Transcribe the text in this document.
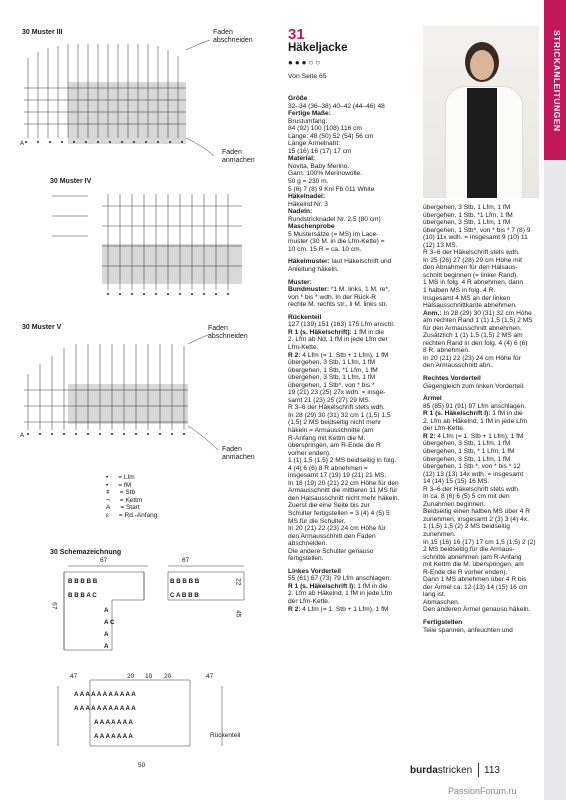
STRICKANLEITUNGEN
30 Muster III
30 Muster IV
30 Muster V
A
Faden
abschneiden
Faden
anmachen
A
Faden
abschneiden
Faden
anmachen
• = Lfm
• = fM
ǂ = Stb
¬ = Kettm
A = Start
ε = Rd.-Anfang
30 Schemazeichnung
B B B B B	B B B B B
B B B A C	C A B B B
A
A C
A
A
A A A A A A A A A A A
A A A A A A A A A A A
A A A A A A A
A A A A A A A
67	67
22
45
67
47	20 10 20	47
50
Rückenteil
31
Häkeljacke
●●●○○
Von Seite 65

Größe

32–34 (36–38) 40–42 (44–46) 48

Fertige Maße:

Brustumfang:

84 (92) 100 (108) 116 cm

Länge: 48 (50) 52 (54) 56 cm

Länge Ärmelnaht:

15 (16) 16 (17) 17 cm

Material:

Novita, Baby Merino.

Garn: 100% Merinowolle.

50 g = 230 m.

5 (6) 7 (8) 9 Knl Fb 011 White

Häkelnadel:

Häkelnd Nr. 3

Nadeln:

Rundstricknadel Nr. 2,5 (80 cm)

Maschenprobe

5 Mustersätze (= MS) im Lace-

muster (30 M. in die Lfm-Kette) =

10 cm. 15 R = ca. 10 cm.

Häkelmuster: laut Häkelschrift und

Anleitung häkeln.

Muster:

Bundmuster: *1 M. links, 1 M. re*,

von * bis * wdh. In der Rück-R

rechte M. rechts str., li M. links str.

Rückenteil

127 (139) 151 (163) 175 Lfm anschl.

R 1 (s. Häkelschrift): 1 fM in die

2. Lfm ab Nd, 1 fM in jede Lfm der

Lfm-Kette.

R 2: 4 Lfm (= 1. Stb + 1 Lfm), 1 fM

übergehen, 3 Stb, 1 Lfm, 1 fM

übergehen, 1 Stb, *1 Lfm, 1 fM

übergehen, 3 Stb, 1 Lfm, 1 fM

übergehen, 1 Stb*, von * bis *

19 (21) 23 (25) 27x wdh. = insge-

samt 21 (23) 25 (27) 29 MS.

R 3–6 der Häkelschrift stets wdh.

In 28 (29) 30 (31) 32 cm 1 (1,5) 1,5

(1,5) 2 MS beidseitig nicht mehr

häkeln = Armausschnitte (am

R-Anfang mit Kettm die M.

überspringen, am R-Ende die R

vorher enden).

1 (1) 1,5 (1,5) 2 MS beidseitig in folg.

4 (4) 6 (6) 8 R abnehmen =

insgesamt 17 (19) 19 (21) 21 MS.

In 18 (19) 20 (21) 22 cm Höhe für den

Armausschnitt die mittleren 11 MS für

den Halsausschnitt nicht mehr häkeln.

Zuerst die eine Seite bis zur

Schulter fertigstellen = 3 (4) 4 (5) 5

MS für die Schulter.

In 20 (21) 22 (23) 24 cm Höhe für

den Armausschnitt den Faden

abschneiden.

Die andere Schulter genauso

fertigstellen.

Linkes Vorderteil

55 (61) 67 (73) 79 Lfm anschlagen.

R 1 (s. Häkelschrift I): 1 fM in die

2. Lfm ab Häkelnd, 1 fM in jede Lfm

der Lfm-Kette.

R 2: 4 Lfm (= 1. Stb + 1 Lfm), 1 fM

übergehen, 3 Stb, 1 Lfm, 1 fM

übergehen, 1 Stb, *1 Lfm, 1 fM

übergehen, 3 Stb, 1 Lfm, 1 fM

übergehen, 1 Stb*, von * bis * 7 (8) 9

(10) 11x wdh. = insgesamt 9 (10) 11

(12) 13 MS.

R 3–6 der Häkelschrift stets wdh.

In 25 (26) 27 (28) 29 cm Höhe mit

den Abnahmen für den Halsaus-

schnitt beginnen (= linker Rand).

1 MS in folg. 4 R abnehmen, dann

1 halben MS in folg. 4 R.

Insgesamt 4 MS an der linken

Halsausschnittkante abnehmen.

Anm.: In 28 (29) 30 (31) 32 cm Höhe

am rechten Rand 1 (1) 1,5 (1,5) 2 MS

für den Armausschnitt abnehmen.

Zusätzlich 1 (1) 1,5 (1,5) 2 MS am

rechten Rand in den folg. 4 (4) 6 (6)

8 R. abnehmen.

In 20 (21) 22 (23) 24 cm Höhe für

den Armausschnitt abn..

Rechtes Vorderteil

Gegengleich zum linken Vorderteil.

Ärmel

85 (85) 91 (91) 97 Lfm anschlagen.

R 1 (s. Häkelschrift I): 1 fM in die

2. Lfm ab Häkelnd, 1 fM in jede Lfm

der Lfm-Kette.

R 2: 4 Lfm (= 1. Stb + 1 Lfm), 1 fM

übergehen, 3 Stb, 1 Lfm, 1 fM

übergehen, 1 Stb, * 1 Lfm, 1 fM

übergehen, 3 Stb, 1 Lfm, 1 fM

übergehen, 1 Stb *, von * bis * 12

(12) 13 (13) 14x wdh. = insgesamt

14 (14) 15 (15) 16 MS.

R 3–6 der Häkelschrift stets wdh.

In ca. 8 (6) 6 (5) 5 cm mit den

Zunahmen beginnen.

Beidseitig einen halben MS über 4 R

zunehmen, insgesamt 2 (3) 3 (4) 4x.

1 (1,5) 1,5 (2) 2 MS beidseitig

zunehmen.

In 15 (16) 16 (17) 17 cm 1,5 (1,5) 2 (2)

2 MS beidseitig für die Armaus-

schnitte abnehmen (am R-Anfang

mit Kettm die M. überspringen, am

R-Ende die R vorher enden).

Dann 1 MS abnehmen über 4 R bis

der Ärmel ca. 12 (13) 14 (15) 16 cm

lang ist.

Abmaschen.

Den anderen Ärmel genauso häkeln.

Fertigstellen

Teile spannen, anfeuchten und

burdastricken 113
PassionForum.ru
